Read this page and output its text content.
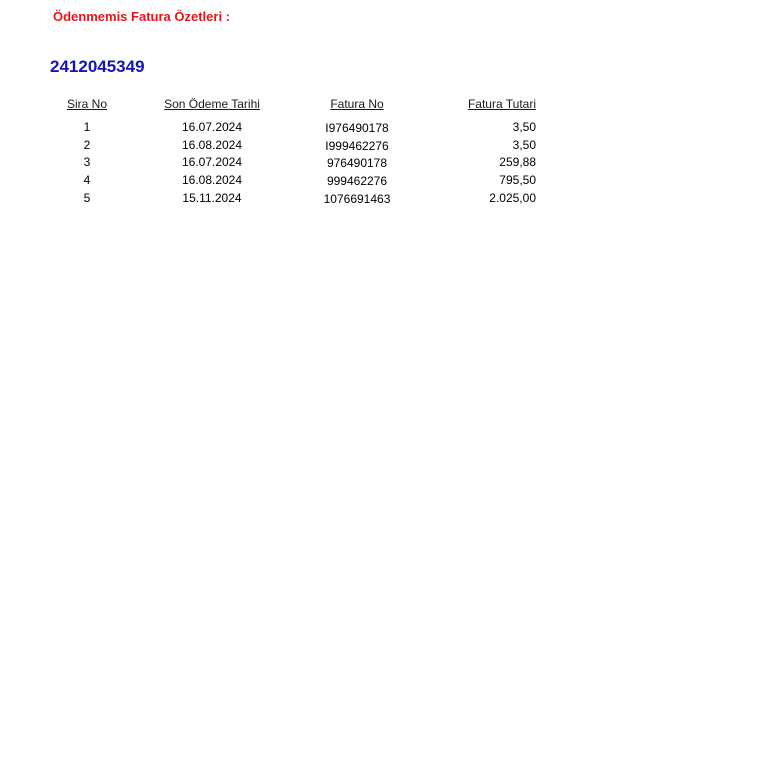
Ödenmemis Fatura Özetleri :
2412045349
Sira No	Son Ödeme Tarihi	Fatura No	Fatura Tutari
1	16.07.2024	I976490178	3,50
2	16.08.2024	I999462276	3,50
3	16.07.2024	976490178	259,88
4	16.08.2024	999462276	795,50
5	15.11.2024	1076691463	2.025,00
